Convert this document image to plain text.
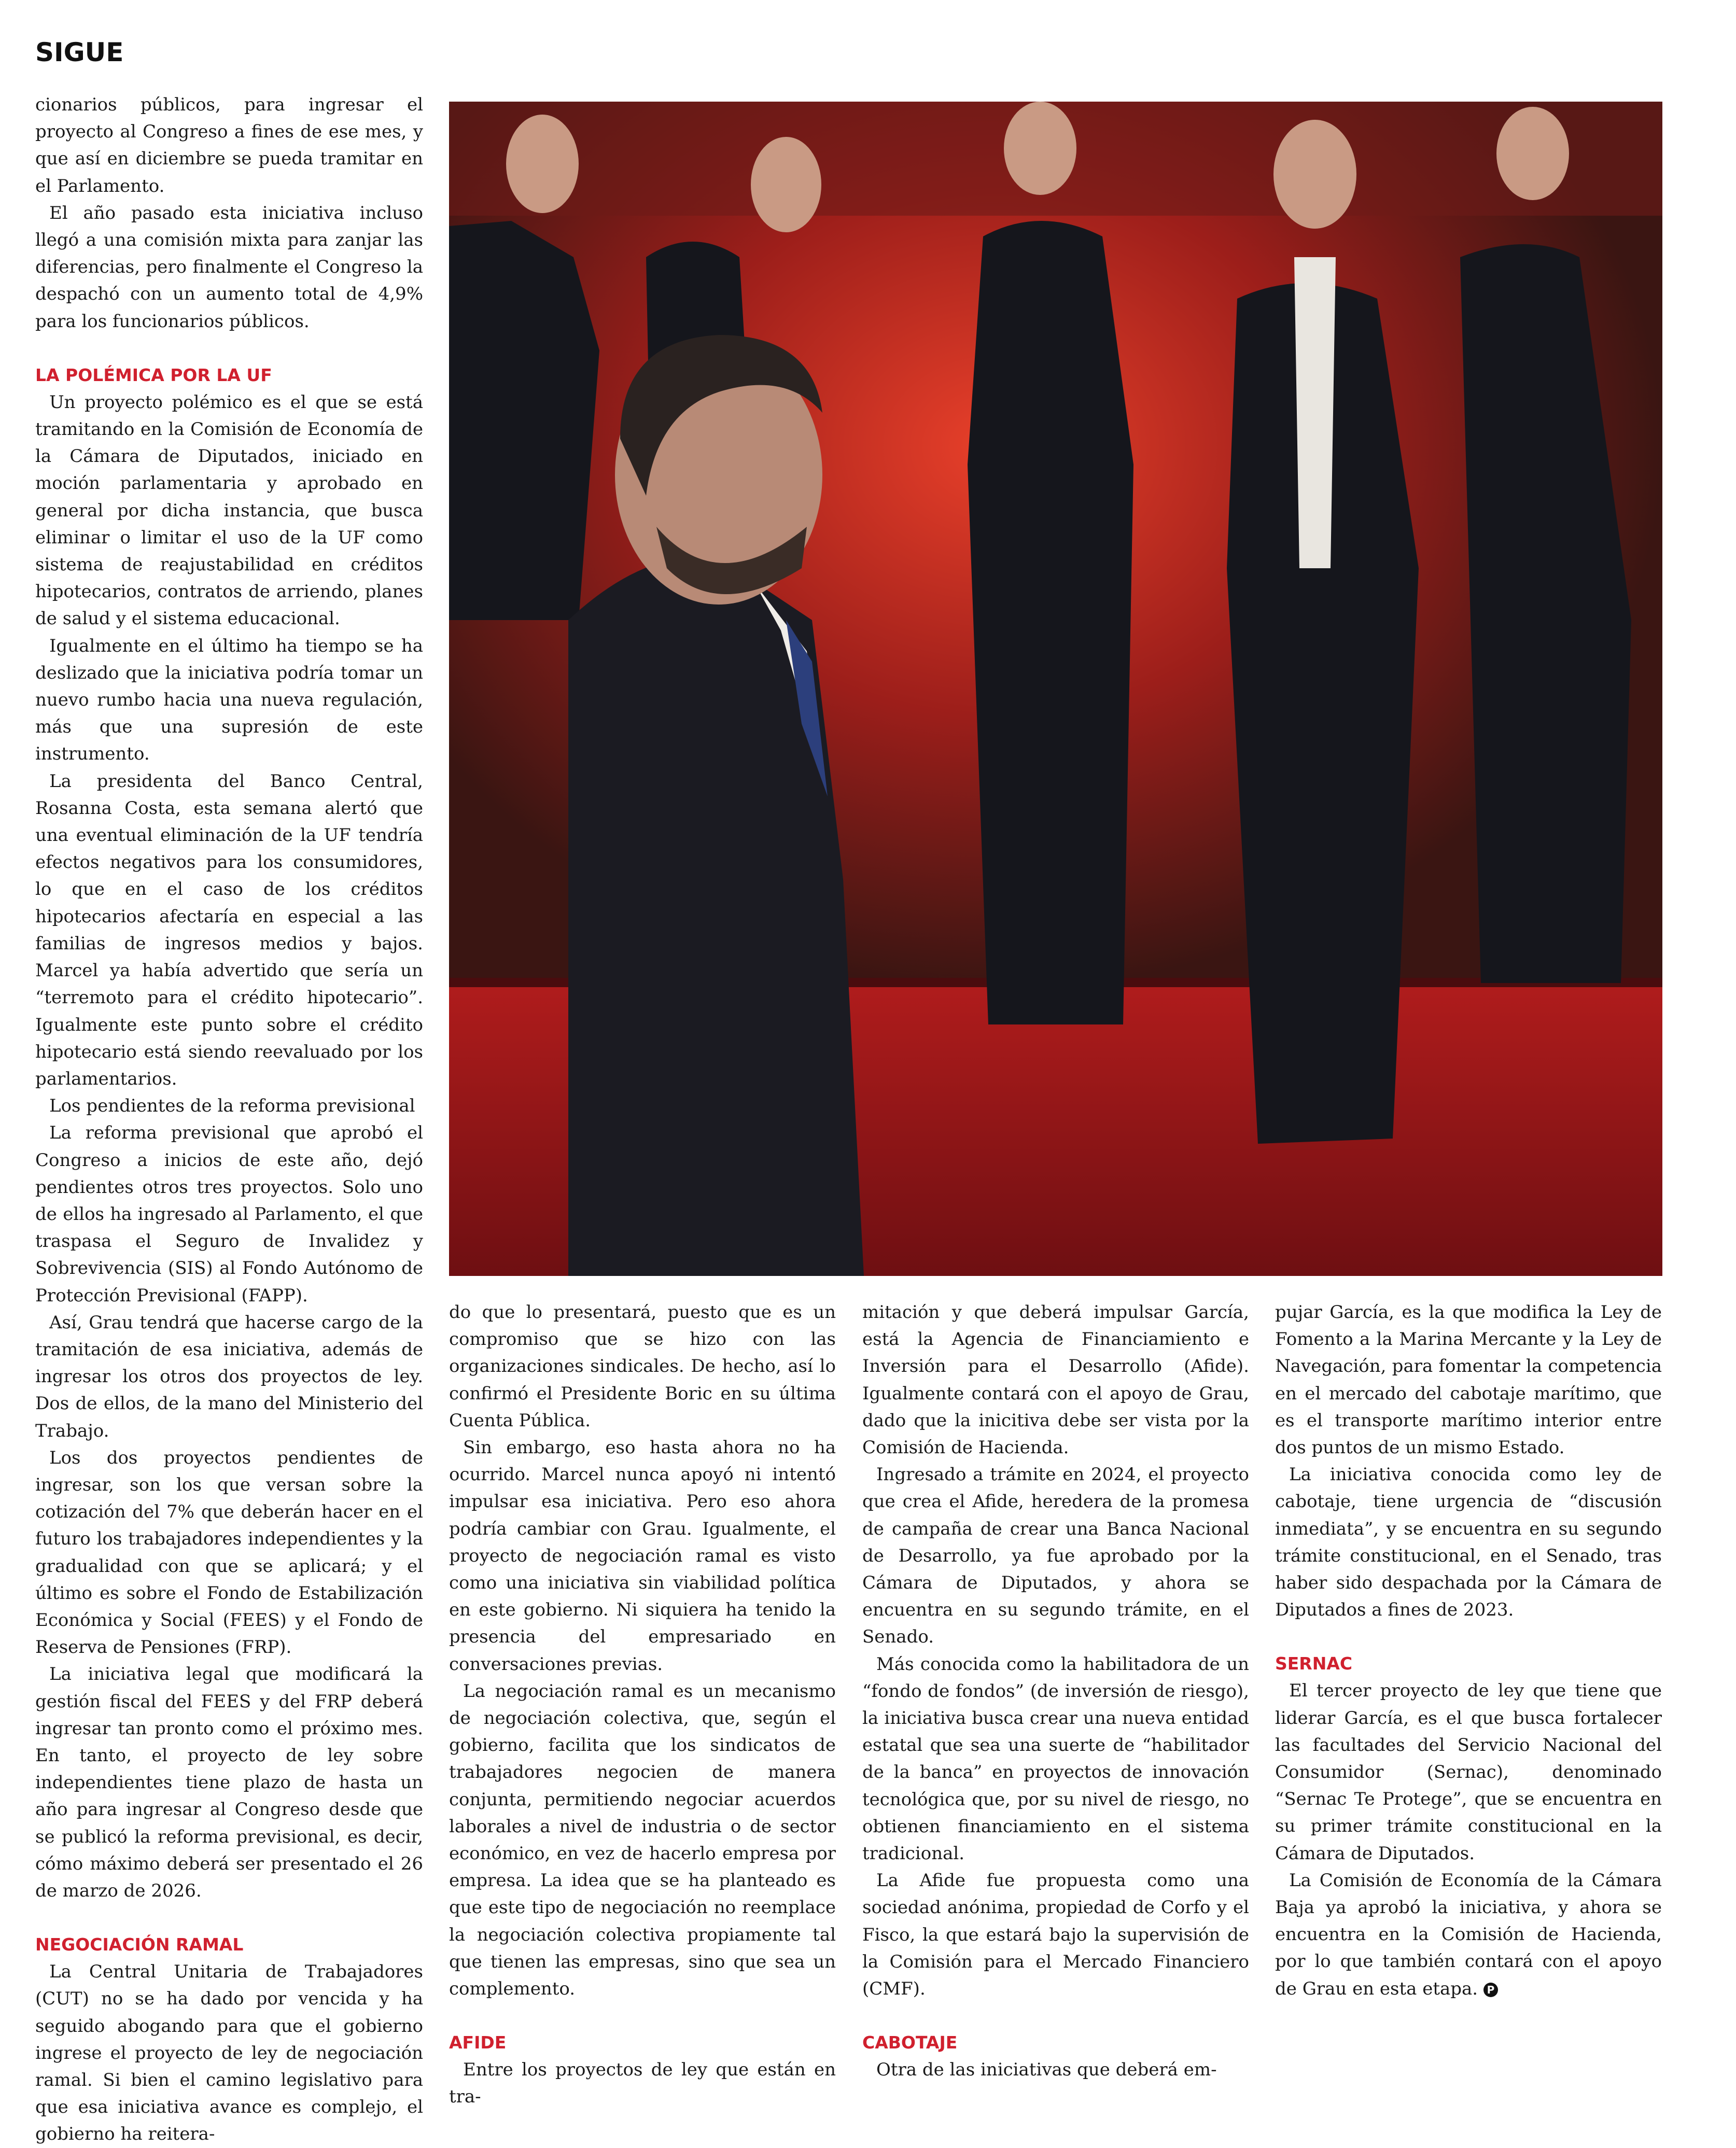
SIGUE

cionarios públicos, para ingresar el proyecto al Congreso a fines de ese mes, y que así en diciembre se pueda tramitar en el Parlamento.

El año pasado esta iniciativa incluso llegó a una comisión mixta para zanjar las diferencias, pero finalmente el Congreso la despachó con un aumento total de 4,9% para los funcionarios públicos.

LA POLÉMICA POR LA UF

Un proyecto polémico es el que se está tramitando en la Comisión de Economía de la Cámara de Diputados, iniciado en moción parlamentaria y aprobado en general por dicha instancia, que busca eliminar o limitar el uso de la UF como sistema de reajustabilidad en créditos hipotecarios, contratos de arriendo, planes de salud y el sistema educacional.

Igualmente en el último ha tiempo se ha deslizado que la iniciativa podría tomar un nuevo rumbo hacia una nueva regulación, más que una supresión de este instrumento.

La presidenta del Banco Central, Rosanna Costa, esta semana alertó que una eventual eliminación de la UF tendría efectos negativos para los consumidores, lo que en el caso de los créditos hipotecarios afectaría en especial a las familias de ingresos medios y bajos. Marcel ya había advertido que sería un “terremoto para el crédito hipotecario”. Igualmente este punto sobre el crédito hipotecario está siendo reevaluado por los parlamentarios.

Los pendientes de la reforma previsional

La reforma previsional que aprobó el Congreso a inicios de este año, dejó pendientes otros tres proyectos. Solo uno de ellos ha ingresado al Parlamento, el que traspasa el Seguro de Invalidez y Sobrevivencia (SIS) al Fondo Autónomo de Protección Previsional (FAPP).

Así, Grau tendrá que hacerse cargo de la tramitación de esa iniciativa, además de ingresar los otros dos proyectos de ley. Dos de ellos, de la mano del Ministerio del Trabajo.

Los dos proyectos pendientes de ingresar, son los que versan sobre la cotización del 7% que deberán hacer en el futuro los trabajadores independientes y la gradualidad con que se aplicará; y el último es sobre el Fondo de Estabilización Económica y Social (FEES) y el Fondo de Reserva de Pensiones (FRP).

La iniciativa legal que modificará la gestión fiscal del FEES y del FRP deberá ingresar tan pronto como el próximo mes. En tanto, el proyecto de ley sobre independientes tiene plazo de hasta un año para ingresar al Congreso desde que se publicó la reforma previsional, es decir, cómo máximo deberá ser presentado el 26 de marzo de 2026.

NEGOCIACIÓN RAMAL

La Central Unitaria de Trabajadores (CUT) no se ha dado por vencida y ha seguido abogando para que el gobierno ingrese el proyecto de ley de negociación ramal. Si bien el camino legislativo para que esa iniciativa avance es complejo, el gobierno ha reitera-

do que lo presentará, puesto que es un compromiso que se hizo con las organizaciones sindicales. De hecho, así lo confirmó el Presidente Boric en su última Cuenta Pública.

Sin embargo, eso hasta ahora no ha ocurrido. Marcel nunca apoyó ni intentó impulsar esa iniciativa. Pero eso ahora podría cambiar con Grau. Igualmente, el proyecto de negociación ramal es visto como una iniciativa sin viabilidad política en este gobierno. Ni siquiera ha tenido la presencia del empresariado en conversaciones previas.

La negociación ramal es un mecanismo de negociación colectiva, que, según el gobierno, facilita que los sindicatos de trabajadores negocien de manera conjunta, permitiendo negociar acuerdos laborales a nivel de industria o de sector económico, en vez de hacerlo empresa por empresa. La idea que se ha planteado es que este tipo de negociación no reemplace la negociación colectiva propiamente tal que tienen las empresas, sino que sea un complemento.

AFIDE

Entre los proyectos de ley que están en tra-

mitación y que deberá impulsar García, está la Agencia de Financiamiento e Inversión para el Desarrollo (Afide). Igualmente contará con el apoyo de Grau, dado que la inicitiva debe ser vista por la Comisión de Hacienda.

Ingresado a trámite en 2024, el proyecto que crea el Afide, heredera de la promesa de campaña de crear una Banca Nacional de Desarrollo, ya fue aprobado por la Cámara de Diputados, y ahora se encuentra en su segundo trámite, en el Senado.

Más conocida como la habilitadora de un “fondo de fondos” (de inversión de riesgo), la iniciativa busca crear una nueva entidad estatal que sea una suerte de “habilitador de la banca” en proyectos de innovación tecnológica que, por su nivel de riesgo, no obtienen financiamiento en el sistema tradicional.

La Afide fue propuesta como una sociedad anónima, propiedad de Corfo y el Fisco, la que estará bajo la supervisión de la Comisión para el Mercado Financiero (CMF).

CABOTAJE

Otra de las iniciativas que deberá em-

pujar García, es la que modifica la Ley de Fomento a la Marina Mercante y la Ley de Navegación, para fomentar la competencia en el mercado del cabotaje marítimo, que es el transporte marítimo interior entre dos puntos de un mismo Estado.

La iniciativa conocida como ley de cabotaje, tiene urgencia de “discusión inmediata”, y se encuentra en su segundo trámite constitucional, en el Senado, tras haber sido despachada por la Cámara de Diputados a fines de 2023.

SERNAC

El tercer proyecto de ley que tiene que liderar García, es el que busca fortalecer las facultades del Servicio Nacional del Consumidor (Sernac), denominado “Sernac Te Protege”, que se encuentra en su primer trámite constitucional en la Cámara de Diputados.

La Comisión de Economía de la Cámara Baja ya aprobó la iniciativa, y ahora se encuentra en la Comisión de Hacienda, por lo que también contará con el apoyo de Grau en esta etapa. P
